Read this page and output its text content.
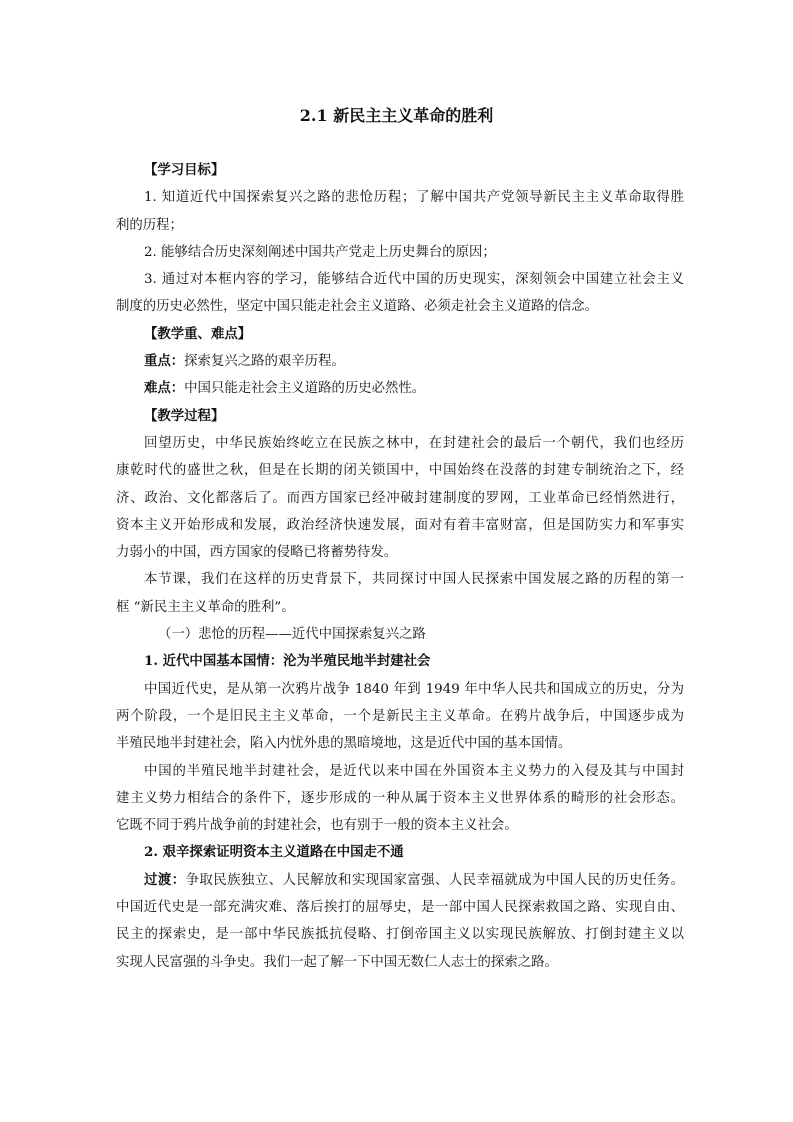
2.1 新民主主义革命的胜利
【学习目标】
1. 知道近代中国探索复兴之路的悲怆历程；了解中国共产党领导新民主主义革命取得胜
利的历程；
2. 能够结合历史深刻阐述中国共产党走上历史舞台的原因；
3. 通过对本框内容的学习，能够结合近代中国的历史现实，深刻领会中国建立社会主义
制度的历史必然性，坚定中国只能走社会主义道路、必须走社会主义道路的信念。
【教学重、难点】
重点：探索复兴之路的艰辛历程。
难点：中国只能走社会主义道路的历史必然性。
【教学过程】
回望历史，中华民族始终屹立在民族之林中，在封建社会的最后一个朝代，我们也经历
康乾时代的盛世之秋，但是在长期的闭关锁国中，中国始终在没落的封建专制统治之下，经
济、政治、文化都落后了。而西方国家已经冲破封建制度的罗网，工业革命已经悄然进行，
资本主义开始形成和发展，政治经济快速发展，面对有着丰富财富，但是国防实力和军事实
力弱小的中国，西方国家的侵略已将蓄势待发。
本节课，我们在这样的历史背景下，共同探讨中国人民探索中国发展之路的历程的第一
框 “新民主主义革命的胜利”。
（一）悲怆的历程——近代中国探索复兴之路
1. 近代中国基本国情：沦为半殖民地半封建社会
中国近代史，是从第一次鸦片战争 1840 年到 1949 年中华人民共和国成立的历史，分为
两个阶段，一个是旧民主主义革命，一个是新民主主义革命。在鸦片战争后，中国逐步成为
半殖民地半封建社会，陷入内忧外患的黑暗境地，这是近代中国的基本国情。
中国的半殖民地半封建社会，是近代以来中国在外国资本主义势力的入侵及其与中国封
建主义势力相结合的条件下，逐步形成的一种从属于资本主义世界体系的畸形的社会形态。
它既不同于鸦片战争前的封建社会，也有别于一般的资本主义社会。
2. 艰辛探索证明资本主义道路在中国走不通
过渡：争取民族独立、人民解放和实现国家富强、人民幸福就成为中国人民的历史任务。
中国近代史是一部充满灾难、落后挨打的屈辱史，是一部中国人民探索救国之路、实现自由、
民主的探索史，是一部中华民族抵抗侵略、打倒帝国主义以实现民族解放、打倒封建主义以
实现人民富强的斗争史。我们一起了解一下中国无数仁人志士的探索之路。
